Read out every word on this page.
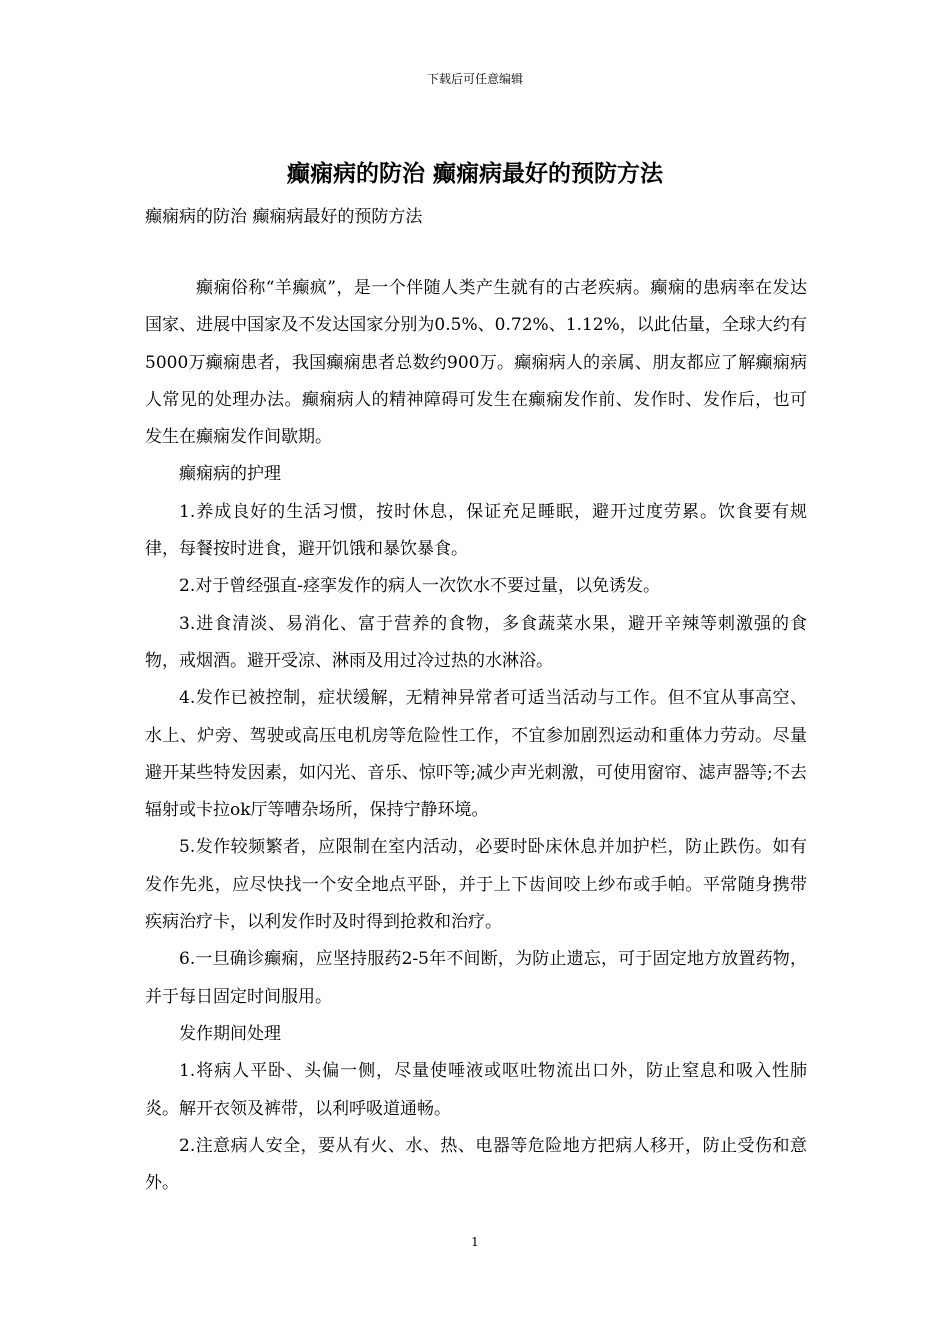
下载后可任意编辑
癫痫病的防治 癫痫病最好的预防方法
癫痫病的防治 癫痫病最好的预防方法

癫痫俗称“羊癫疯”，是一个伴随人类产生就有的古老疾病。癫痫的患病率在发达国家、进展中国家及不发达国家分别为0.5%、0.72%、1.12%，以此估量，全球大约有5000万癫痫患者，我国癫痫患者总数约900万。癫痫病人的亲属、朋友都应了解癫痫病人常见的处理办法。癫痫病人的精神障碍可发生在癫痫发作前、发作时、发作后，也可发生在癫痫发作间歇期。

癫痫病的护理

1.养成良好的生活习惯，按时休息，保证充足睡眠，避开过度劳累。饮食要有规律，每餐按时进食，避开饥饿和暴饮暴食。

2.对于曾经强直-痉挛发作的病人一次饮水不要过量，以免诱发。

3.进食清淡、易消化、富于营养的食物，多食蔬菜水果，避开辛辣等刺激强的食物，戒烟酒。避开受凉、淋雨及用过冷过热的水淋浴。

4.发作已被控制，症状缓解，无精神异常者可适当活动与工作。但不宜从事高空、水上、炉旁、驾驶或高压电机房等危险性工作，不宜参加剧烈运动和重体力劳动。尽量避开某些特发因素，如闪光、音乐、惊吓等;减少声光刺激，可使用窗帘、滤声器等;不去辐射或卡拉ok厅等嘈杂场所，保持宁静环境。

5.发作较频繁者，应限制在室内活动，必要时卧床休息并加护栏，防止跌伤。如有发作先兆，应尽快找一个安全地点平卧，并于上下齿间咬上纱布或手帕。平常随身携带疾病治疗卡，以利发作时及时得到抢救和治疗。

6.一旦确诊癫痫，应坚持服药2-5年不间断，为防止遗忘，可于固定地方放置药物，并于每日固定时间服用。

发作期间处理

1.将病人平卧、头偏一侧，尽量使唾液或呕吐物流出口外，防止窒息和吸入性肺炎。解开衣领及裤带，以利呼吸道通畅。

2.注意病人安全，要从有火、水、热、电器等危险地方把病人移开，防止受伤和意外。

1
